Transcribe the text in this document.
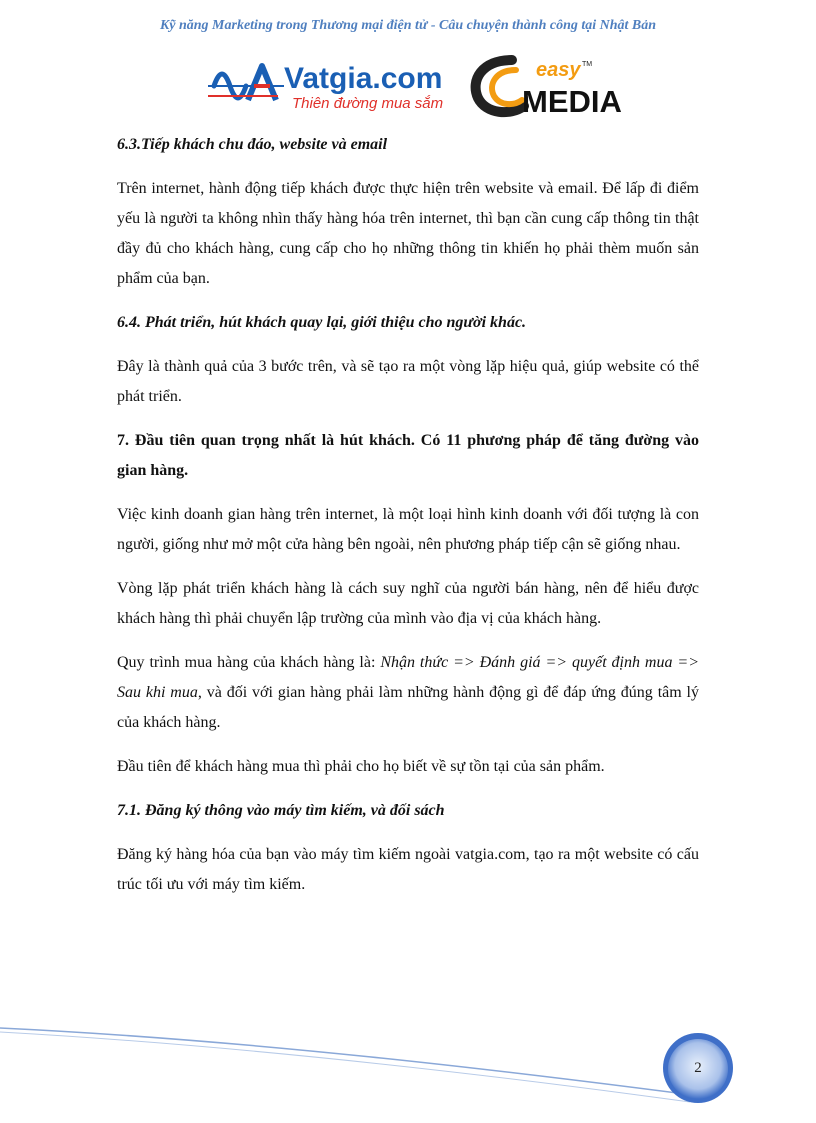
Kỹ năng Marketing trong Thương mại điện tử - Câu chuyện thành công tại Nhật Bản
Vatgia.com
Thiên đường mua sắm
easy TM
MEDIA

6.3.Tiếp khách chu đáo, website và email

Trên internet, hành động tiếp khách được thực hiện trên website và email. Để lấp đi điểm yếu là người ta không nhìn thấy hàng hóa trên internet, thì bạn cần cung cấp thông tin thật đầy đủ cho khách hàng, cung cấp cho họ những thông tin khiến họ phải thèm muốn sản phẩm của bạn.

6.4. Phát triển, hút khách quay lại, giới thiệu cho người khác.

Đây là thành quả của 3 bước trên, và sẽ tạo ra một vòng lặp hiệu quả, giúp website có thể phát triển.

7. Đầu tiên quan trọng nhất là hút khách. Có 11 phương pháp để tăng đường vào gian hàng.

Việc kinh doanh gian hàng trên internet, là một loại hình kinh doanh với đối tượng là con người, giống như mở một cửa hàng bên ngoài, nên phương pháp tiếp cận sẽ giống nhau.

Vòng lặp phát triển khách hàng là cách suy nghĩ của người bán hàng, nên để hiểu được khách hàng thì phải chuyển lập trường của mình vào địa vị của khách hàng.

Quy trình mua hàng của khách hàng là: Nhận thức => Đánh giá => quyết định mua => Sau khi mua, và đối với gian hàng phải làm những hành động gì để đáp ứng đúng tâm lý của khách hàng.

Đầu tiên để khách hàng mua thì phải cho họ biết về sự tồn tại của sản phẩm.

7.1. Đăng ký thông vào máy tìm kiếm, và đối sách

Đăng ký hàng hóa của bạn vào máy tìm kiếm ngoài vatgia.com, tạo ra một website có cấu trúc tối ưu với máy tìm kiếm.

2
